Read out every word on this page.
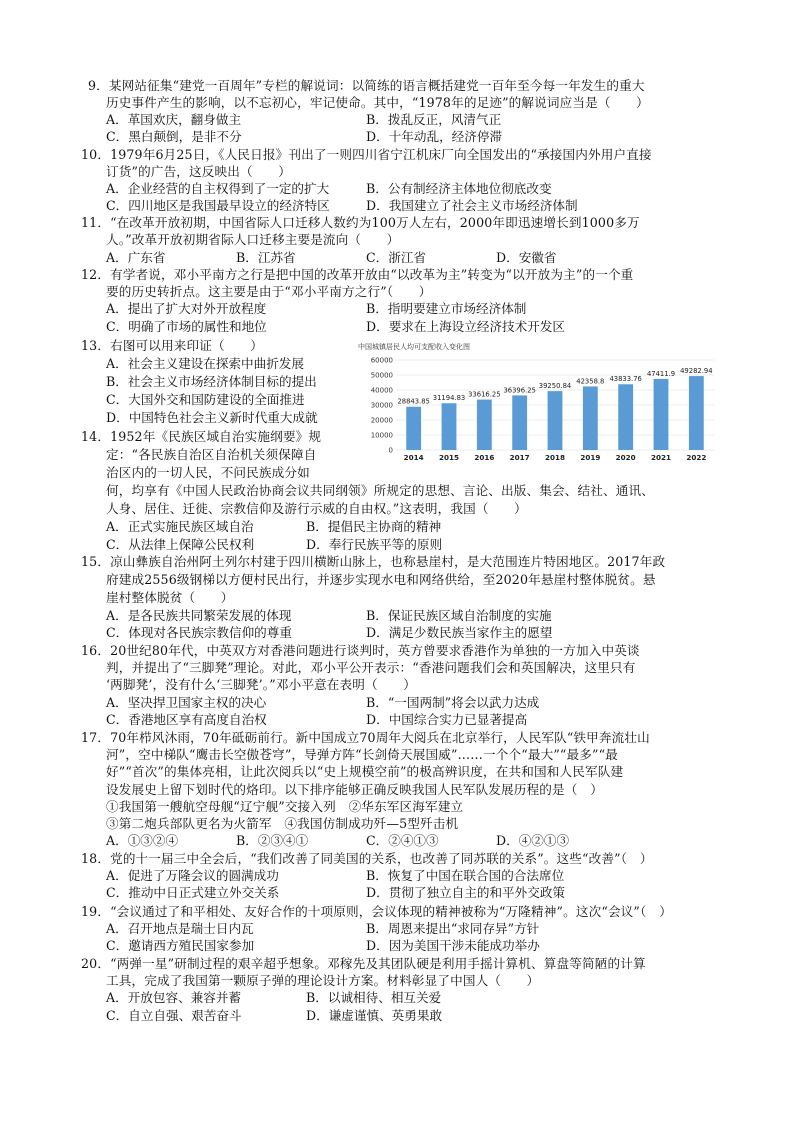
9．某网站征集“建党一百周年”专栏的解说词：以简练的语言概括建党一百年至今每一年发生的重大
历史事件产生的影响，以不忘初心，牢记使命。其中，“1978年的足迹”的解说词应当是（　　）
A．革国欢庆，翻身做主	B．拨乱反正，风清气正
C．黑白颠倒，是非不分	D．十年动乱，经济停滞
10．1979年6月25日，《人民日报》刊出了一则四川省宁江机床厂向全国发出的“承接国内外用户直接
订货”的广告，这反映出（　　）
A．企业经营的自主权得到了一定的扩大	B．公有制经济主体地位彻底改变
C．四川地区是我国最早设立的经济特区	D．我国建立了社会主义市场经济体制
11．“在改革开放初期，中国省际人口迁移人数约为100万人左右，2000年即迅速增长到1000多万
人。”改革开放初期省际人口迁移主要是流向（　　）
A．广东省	B．江苏省	C．浙江省	D．安徽省
12．有学者说，邓小平南方之行是把中国的改革开放由“以改革为主”转变为“以开放为主”的一个重
要的历史转折点。这主要是由于“邓小平南方之行”（　　）
A．提出了扩大对外开放程度	B．指明要建立市场经济体制
C．明确了市场的属性和地位	D．要求在上海设立经济技术开发区
13．右图可以用来印证（　　）
A．社会主义建设在探索中曲折发展
B．社会主义市场经济体制目标的提出
C．大国外交和国防建设的全面推进
D．中国特色社会主义新时代重大成就
中国城镇居民人均可支配收入变化图
28843.85 31194.83 33616.25
36396.25
39250.84
42358.8 43833.76
47411.9 49282.94
2014 2015 2016 2017 2018 2019 2020 2021 2022
0
10000
20000
30000
40000
50000
60000
14．1952年《民族区域自治实施纲要》规
定：“各民族自治区自治机关须保障自
治区内的一切人民，不问民族成分如
何，均享有《中国人民政治协商会议共同纲领》所规定的思想、言论、出版、集会、结社、通讯、
人身、居住、迁徙、宗教信仰及游行示威的自由权。”这表明，我国（　　）
A．正式实施民族区域自治	B．提倡民主协商的精神
C．从法律上保障公民权利	D．奉行民族平等的原则
15．凉山彝族自治州阿土列尔村建于四川横断山脉上，也称悬崖村，是大范围连片特困地区。2017年政
府建成2556级钢梯以方便村民出行，并逐步实现水电和网络供给，至2020年悬崖村整体脱贫。悬
崖村整体脱贫（　　）
A．是各民族共同繁荣发展的体现	B．保证民族区域自治制度的实施
C．体现对各民族宗教信仰的尊重	D．满足少数民族当家作主的愿望
16．20世纪80年代，中英双方对香港问题进行谈判时，英方曾要求香港作为单独的一方加入中英谈
判，并提出了“三脚凳”理论。对此，邓小平公开表示：“香港问题我们会和英国解决，这里只有
‘两脚凳’，没有什么‘三脚凳’。”邓小平意在表明（　　）
A．坚决捍卫国家主权的决心	B．“一国两制”将会以武力达成
C．香港地区享有高度自治权	D．中国综合实力已显著提高
17．70年栉风沐雨，70年砥砺前行。新中国成立70周年大阅兵在北京举行，人民军队“铁甲奔流壮山
河”，空中梯队“鹰击长空傲苍穹”，导弹方阵“长剑倚天展国威”……一个个“最大”“最多”“最
好”“首次”的集体亮相，让此次阅兵以“史上规模空前”的极高辨识度，在共和国和人民军队建
设发展史上留下划时代的烙印。以下排序能够正确反映我国人民军队发展历程的是（　）
①我国第一艘航空母舰“辽宁舰”交接入列　②华东军区海军建立
③第二炮兵部队更名为火箭军　④我国仿制成功歼—5型歼击机
A．①③②④	B．②③④①	C．②④①③	D．④②①③
18．党的十一届三中全会后，“我们改善了同美国的关系，也改善了同苏联的关系”。这些“改善”（　）
A．促进了万隆会议的圆满成功	B．恢复了中国在联合国的合法席位
C．推动中日正式建立外交关系	D．贯彻了独立自主的和平外交政策
19．“会议通过了和平相处、友好合作的十项原则，会议体现的精神被称为“万隆精神”。这次“会议”（　）
A．召开地点是瑞士日内瓦	B．周恩来提出“求同存异”方针
C．邀请西方殖民国家参加	D．因为美国干涉未能成功举办
20．“两弹一星”研制过程的艰辛超乎想象。邓稼先及其团队硬是利用手摇计算机、算盘等简陋的计算
工具，完成了我国第一颗原子弹的理论设计方案。材料彰显了中国人（　　）
A．开放包容、兼容并蓄	B．以诚相待、相互关爱
C．自立自强、艰苦奋斗	D．谦虚谨慎、英勇果敢
